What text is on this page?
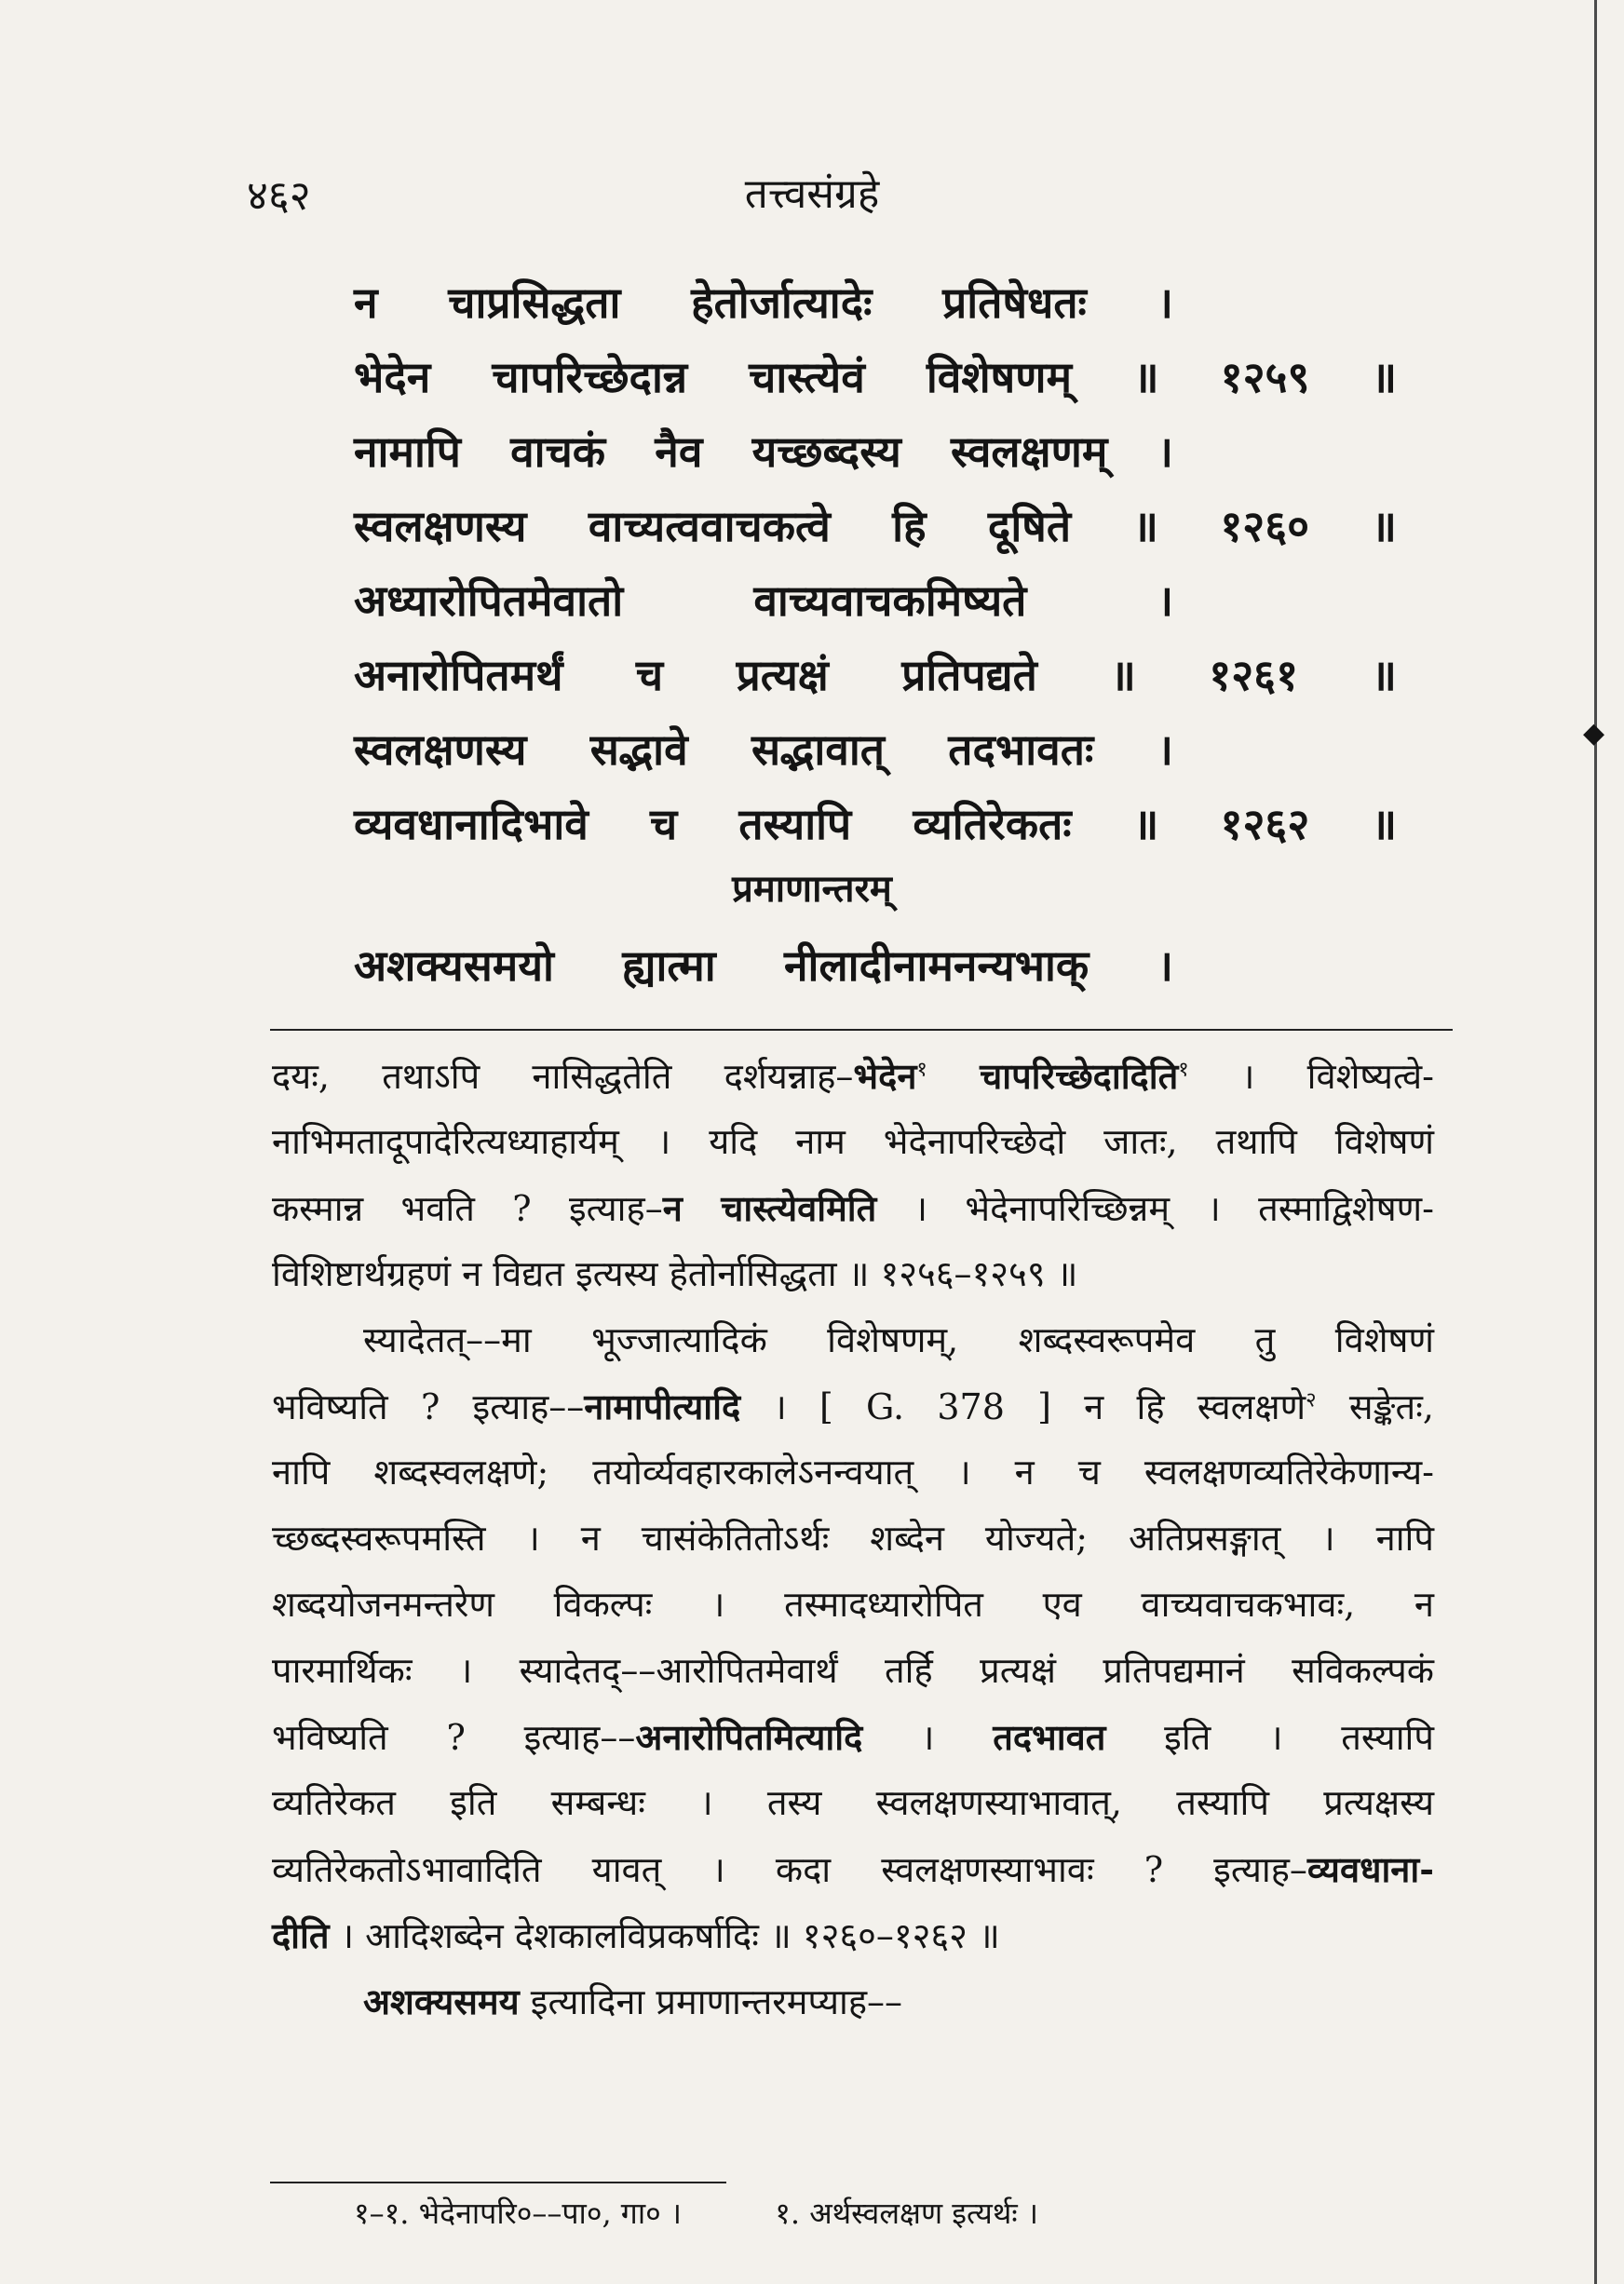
४६२	तत्त्वसंग्रहे
न चाप्रसिद्धता हेतोर्जात्यादेः प्रतिषेधतः ।
भेदेन चापरिच्छेदान्न चास्त्येवं विशेषणम् ॥ १२५९ ॥
नामापि वाचकं नैव यच्छब्दस्य स्वलक्षणम् ।
स्वलक्षणस्य वाच्यत्ववाचकत्वे हि दूषिते ॥ १२६० ॥
अध्यारोपितमेवातो वाच्यवाचकमिष्यते ।
अनारोपितमर्थं च प्रत्यक्षं प्रतिपद्यते ॥ १२६१ ॥
स्वलक्षणस्य सद्भावे सद्भावात् तदभावतः ।
व्यवधानादिभावे च तस्यापि व्यतिरेकतः ॥ १२६२ ॥
प्रमाणान्तरम्
अशक्यसमयो ह्यात्मा नीलादीनामनन्यभाक् ।
दयः, तथाऽपि नासिद्धतेति दर्शयन्नाह–भेदेन$^१$ चापरिच्छेदादिति$^१$ । विशेष्यत्वे-
नाभिमतादूपादेरित्यध्याहार्यम् । यदि नाम भेदेनापरिच्छेदो जातः, तथापि विशेषणं
कस्मान्न भवति ? इत्याह–न चास्त्येवमिति । भेदेनापरिच्छिन्नम् । तस्माद्विशेषण-
विशिष्टार्थग्रहणं न विद्यत इत्यस्य हेतोर्नासिद्धता ॥ १२५६–१२५९ ॥
स्यादेतत्––मा भूज्जात्यादिकं विशेषणम्, शब्दस्वरूपमेव तु विशेषणं
भविष्यति ? इत्याह––नामापीत्यादि । [ G. 378 ] न हि स्वलक्षणे$^२$ सङ्केतः,
नापि शब्दस्वलक्षणे; तयोर्व्यवहारकालेऽनन्वयात् । न च स्वलक्षणव्यतिरेकेणान्य-
च्छब्दस्वरूपमस्ति । न चासंकेतितोऽर्थः शब्देन योज्यते; अतिप्रसङ्गात् । नापि
शब्दयोजनमन्तरेण विकल्पः । तस्मादध्यारोपित एव वाच्यवाचकभावः, न
पारमार्थिकः । स्यादेतद्––आरोपितमेवार्थं तर्हि प्रत्यक्षं प्रतिपद्यमानं सविकल्पकं
भविष्यति ? इत्याह––अनारोपितमित्यादि । तदभावत इति । तस्यापि
व्यतिरेकत इति सम्बन्धः । तस्य स्वलक्षणस्याभावात्, तस्यापि प्रत्यक्षस्य
व्यतिरेकतोऽभावादिति यावत् । कदा स्वलक्षणस्याभावः ? इत्याह–व्यवधाना-
दीति । आदिशब्देन देशकालविप्रकर्षादिः ॥ १२६०–१२६२ ॥
अशक्यसमय इत्यादिना प्रमाणान्तरमप्याह––
१–१. भेदेनापरि०––पा०, गा० ।	१. अर्थस्वलक्षण इत्यर्थः ।
◆
